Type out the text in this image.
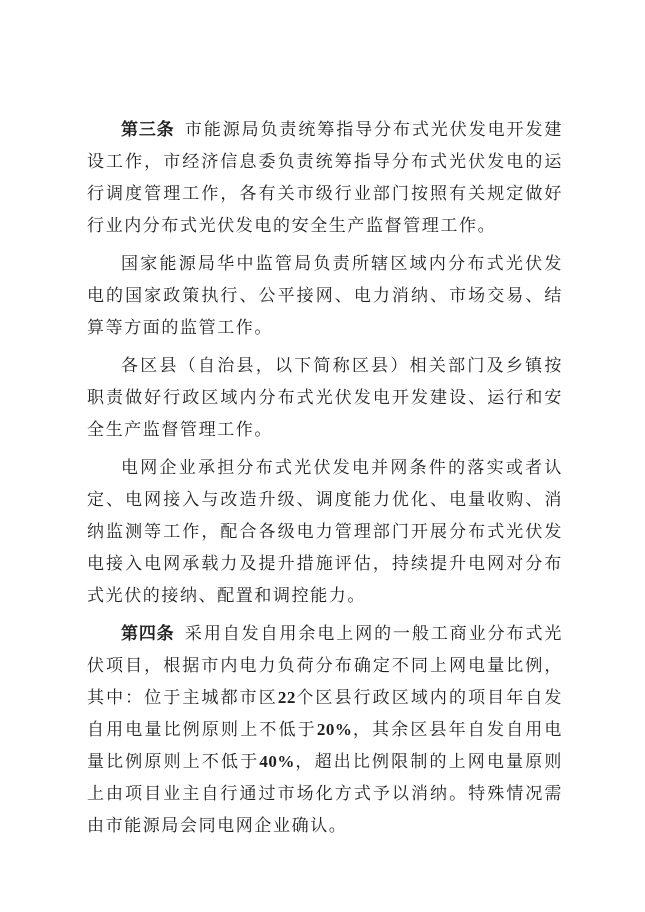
第三条  市能源局负责统筹指导分布式光伏发电开发建设工作，市经济信息委负责统筹指导分布式光伏发电的运行调度管理工作，各有关市级行业部门按照有关规定做好行业内分布式光伏发电的安全生产监督管理工作。

国家能源局华中监管局负责所辖区域内分布式光伏发电的国家政策执行、公平接网、电力消纳、市场交易、结算等方面的监管工作。

各区县（自治县，以下简称区县）相关部门及乡镇按职责做好行政区域内分布式光伏发电开发建设、运行和安全生产监督管理工作。

电网企业承担分布式光伏发电并网条件的落实或者认定、电网接入与改造升级、调度能力优化、电量收购、消纳监测等工作，配合各级电力管理部门开展分布式光伏发电接入电网承载力及提升措施评估，持续提升电网对分布式光伏的接纳、配置和调控能力。

第四条  采用自发自用余电上网的一般工商业分布式光伏项目，根据市内电力负荷分布确定不同上网电量比例，其中：位于主城都市区22个区县行政区域内的项目年自发自用电量比例原则上不低于20%，其余区县年自发自用电量比例原则上不低于40%，超出比例限制的上网电量原则上由项目业主自行通过市场化方式予以消纳。特殊情况需由市能源局会同电网企业确认。
